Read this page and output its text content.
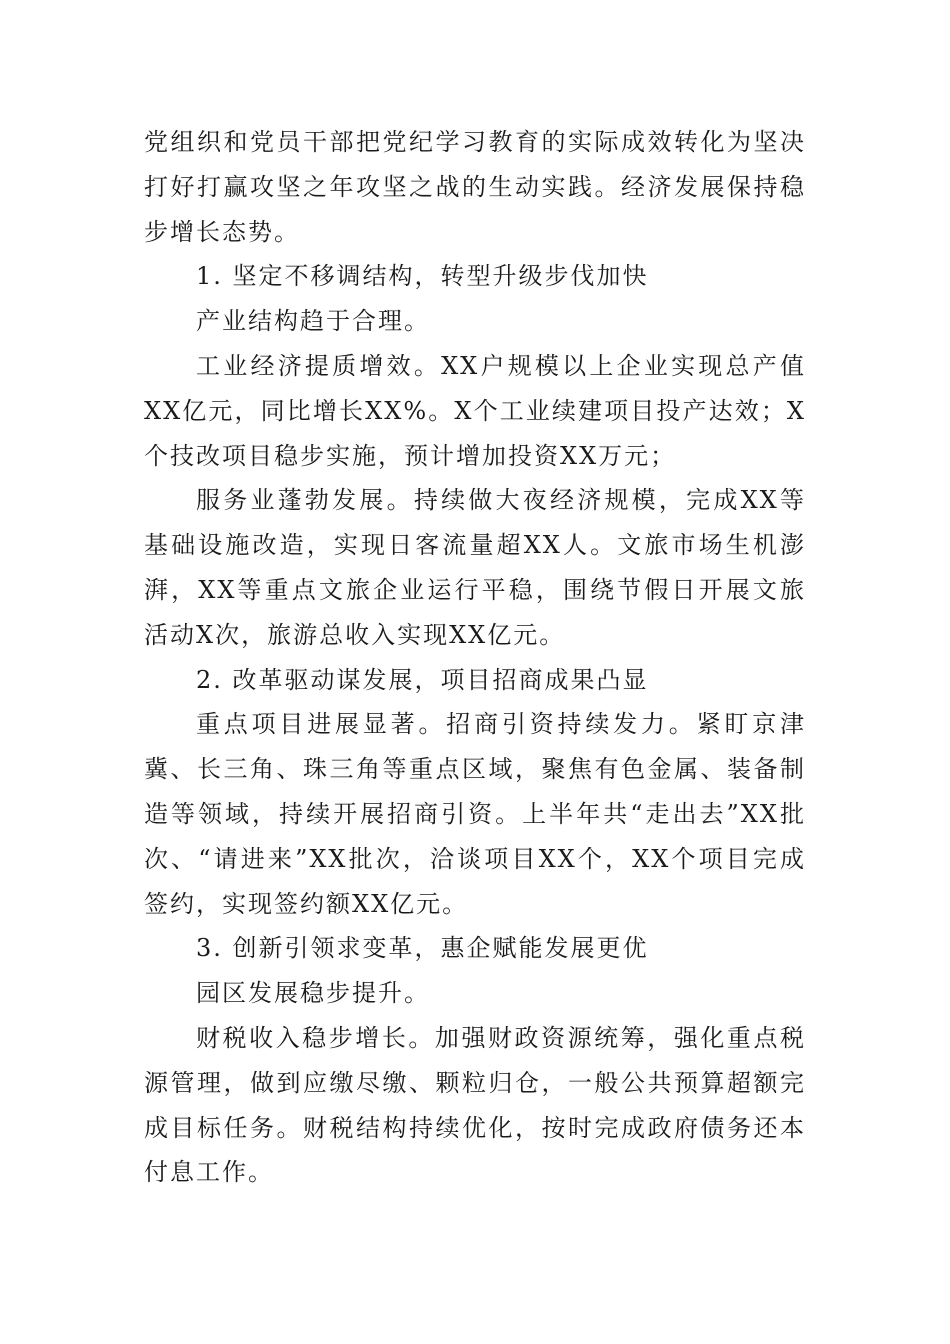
党组织和党员干部把党纪学习教育的实际成效转化为坚决打好打赢攻坚之年攻坚之战的生动实践。经济发展保持稳步增长态势。

1. 坚定不移调结构，转型升级步伐加快

产业结构趋于合理。

工业经济提质增效。XX户规模以上企业实现总产值XX亿元，同比增长XX%。X个工业续建项目投产达效；X个技改项目稳步实施，预计增加投资XX万元；

服务业蓬勃发展。持续做大夜经济规模，完成XX等基础设施改造，实现日客流量超XX人。文旅市场生机澎湃，XX等重点文旅企业运行平稳，围绕节假日开展文旅活动X次，旅游总收入实现XX亿元。

2. 改革驱动谋发展，项目招商成果凸显

重点项目进展显著。招商引资持续发力。紧盯京津冀、长三角、珠三角等重点区域，聚焦有色金属、装备制造等领域，持续开展招商引资。上半年共“走出去”XX批次、“请进来”XX批次，洽谈项目XX个，XX个项目完成签约，实现签约额XX亿元。

3. 创新引领求变革，惠企赋能发展更优

园区发展稳步提升。

财税收入稳步增长。加强财政资源统筹，强化重点税源管理，做到应缴尽缴、颗粒归仓，一般公共预算超额完成目标任务。财税结构持续优化，按时完成政府债务还本付息工作。
